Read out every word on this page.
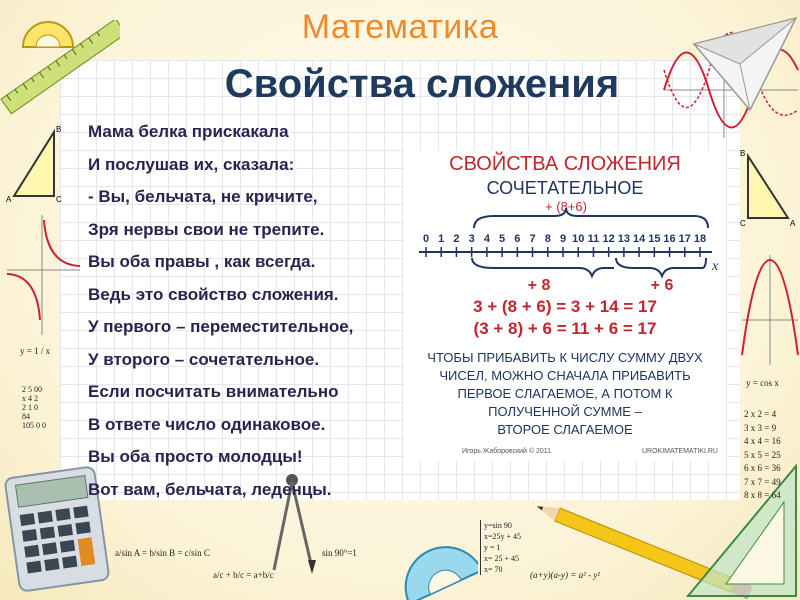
A
B
C
y = 1 / x
2 5 00
x 4 2
2 1 0
84
105 0 0
a/sin A = b/sin B = c/sin C
a/c + b/c = a+b/c
sin 90°=1
y=sin 90
x=25y + 45
y = 1
x= 25 + 45
x= 70
(a+y)(a-y) = a² - y²
2 x 2 = 4
3 x 3 = 9
4 x 4 = 16
5 x 5 = 25
6 x 6 = 36
7 x 7 = 49
8 x 8 = 64
y = cos x
B
C	A
Математика
Свойства сложения
Мама белка прискакала
И послушав их, сказала:
- Вы, бельчата, не кричите,
Зря нервы свои не трепите.
Вы оба правы , как всегда.
Ведь это свойство сложения.
У первого – переместительное,
У второго – сочетательное.
Если посчитать внимательно
В ответе число одинаковое.
Вы оба просто молодцы!
Вот вам, бельчата, леденцы.
СВОЙСТВА СЛОЖЕНИЯ
СОЧЕТАТЕЛЬНОЕ
+ (8+6)
0 1 2 3 4 5 6 7 8 9 10 11 12 13 14 15 16 17 18
x
+ 8	+ 6
3 + (8 + 6) = 3 + 14 = 17
(3 + 8) + 6 = 11 + 6 = 17
ЧТОБЫ ПРИБАВИТЬ К ЧИСЛУ СУММУ ДВУХ
ЧИСЕЛ, МОЖНО СНАЧАЛА ПРИБАВИТЬ
ПЕРВОЕ СЛАГАЕМОЕ, А ПОТОМ К
ПОЛУЧЕННОЙ СУММЕ –
ВТОРОЕ СЛАГАЕМОЕ
Игорь Жаборовский © 2011	UROKIMATEMATIKI.RU
